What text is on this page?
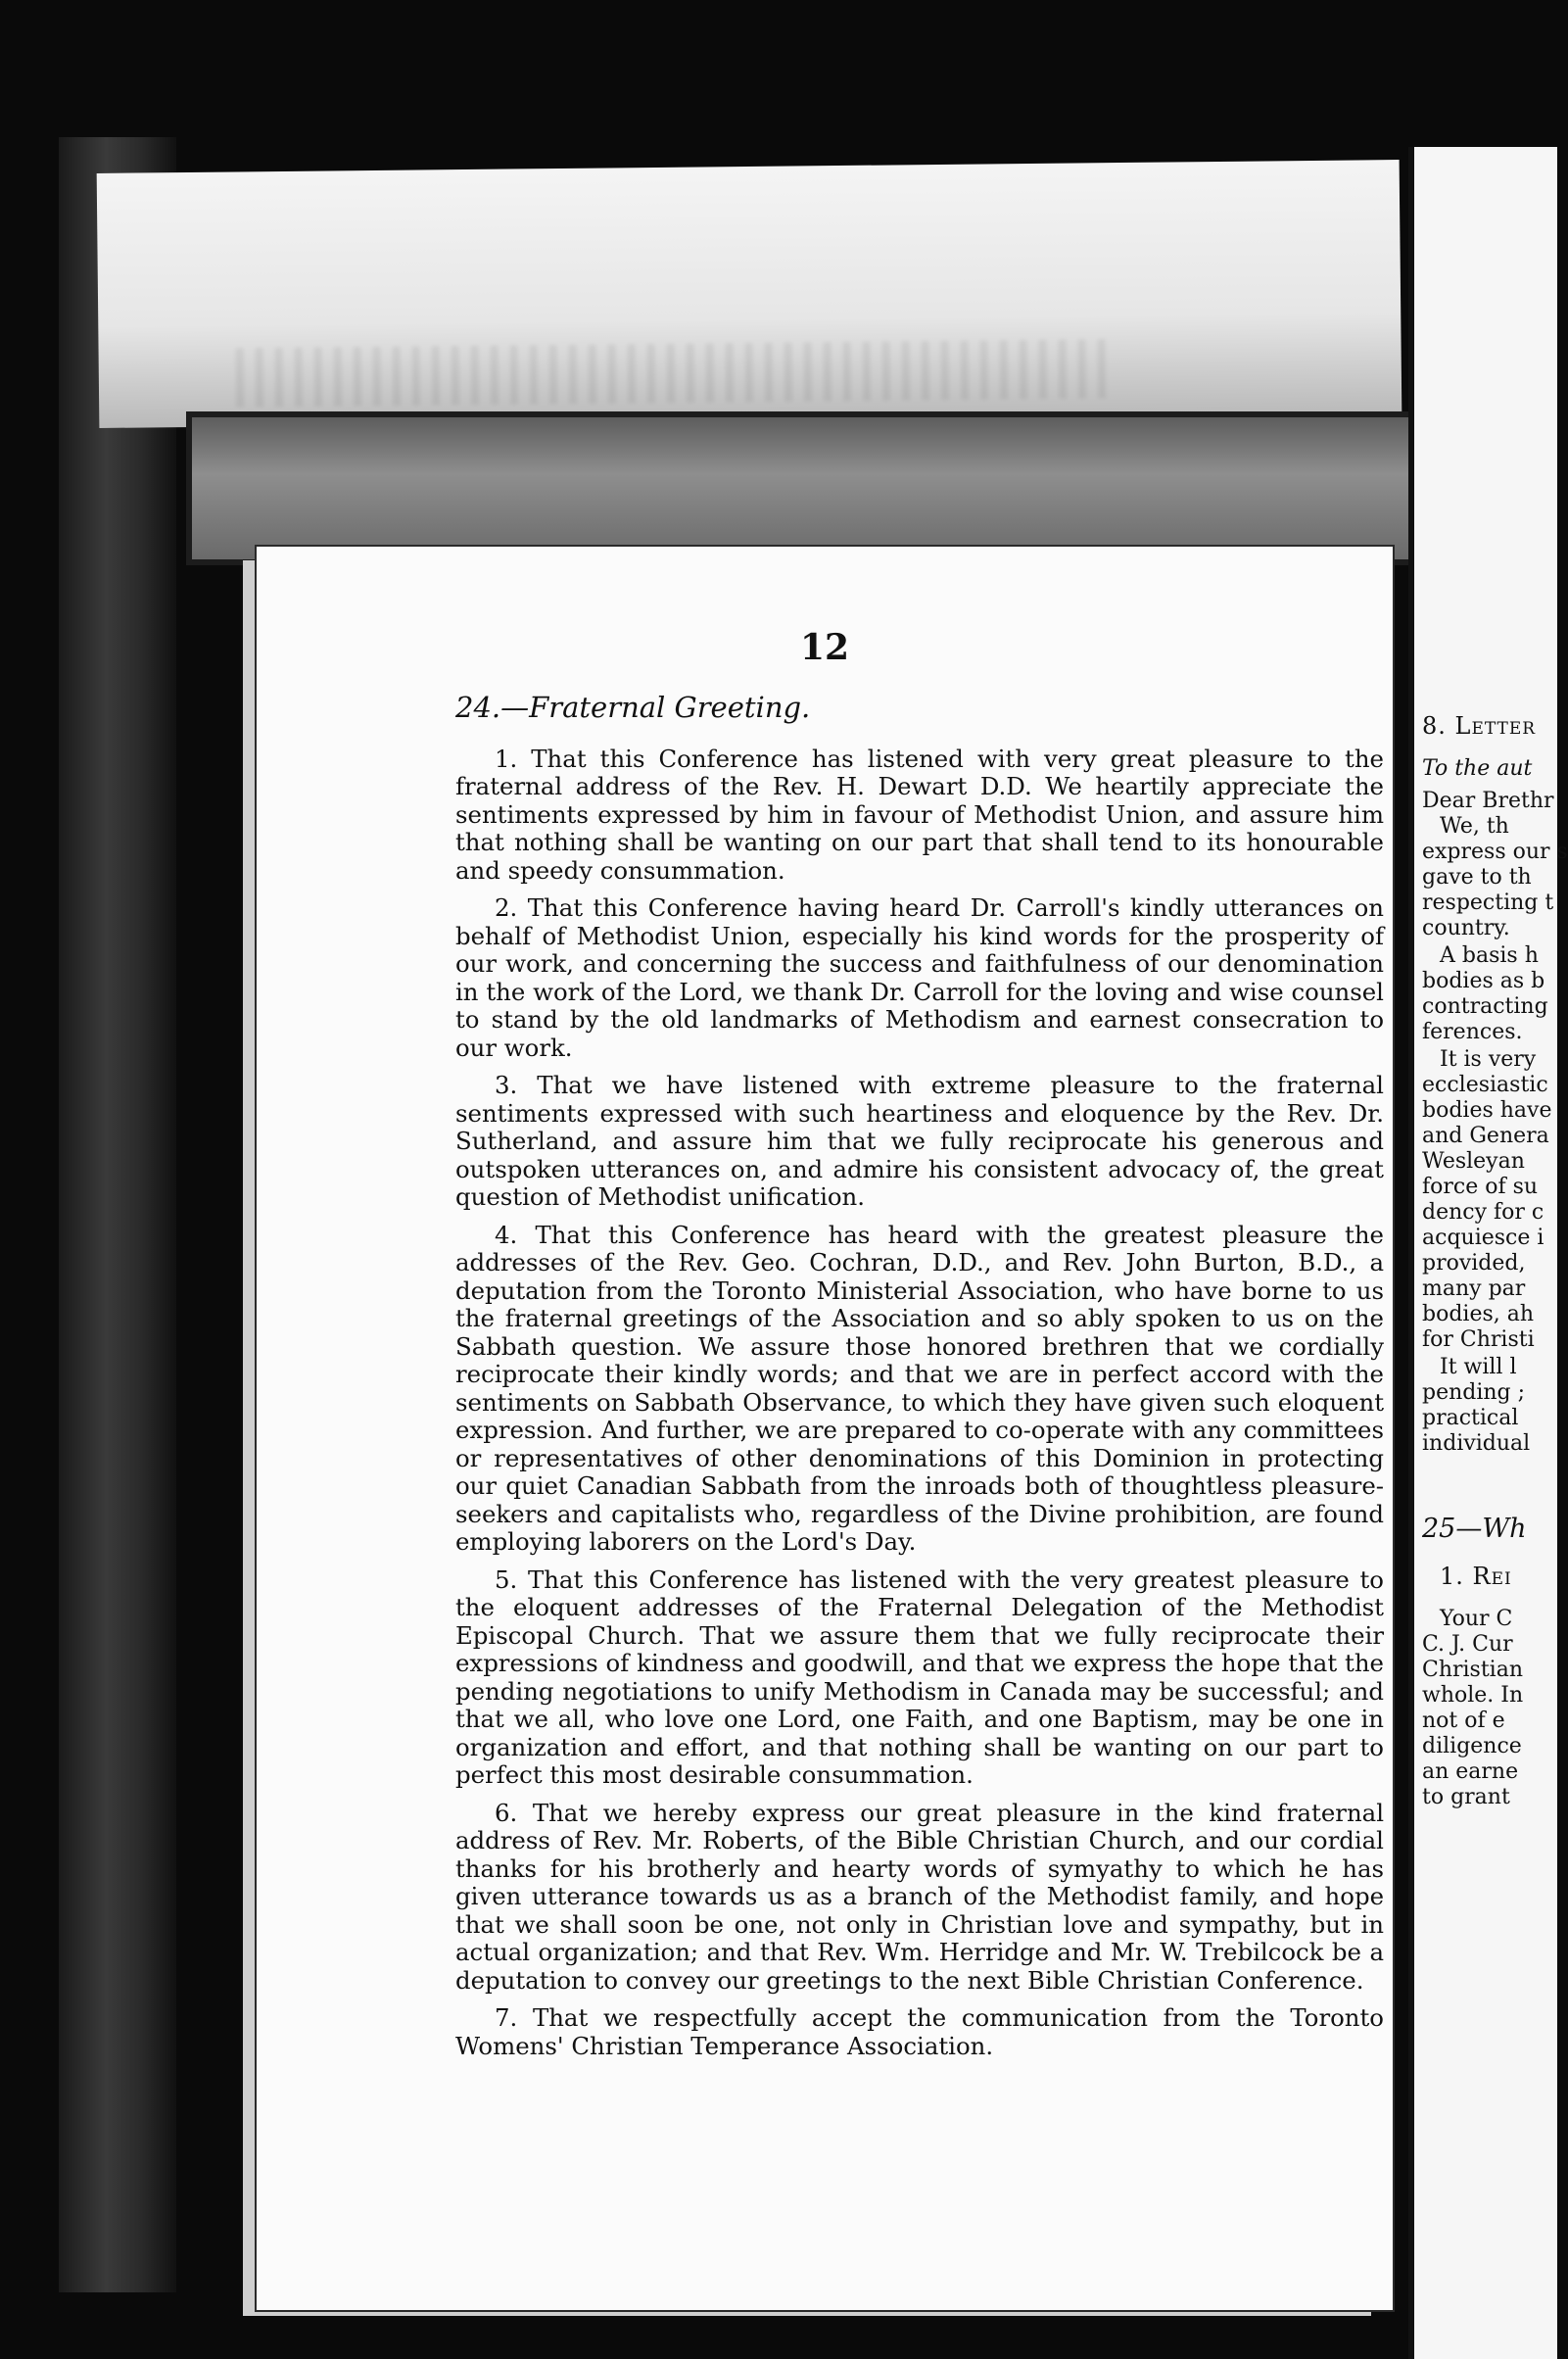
12
24.—Fraternal Greeting.

1. That this Conference has listened with very great pleasure to the fraternal address of the Rev. H. Dewart D.D. We heartily appreciate the sentiments expressed by him in favour of Methodist Union, and assure him that nothing shall be wanting on our part that shall tend to its honourable and speedy consummation.

2. That this Conference having heard Dr. Carroll's kindly utterances on behalf of Methodist Union, especially his kind words for the prosperity of our work, and concerning the success and faithfulness of our denomination in the work of the Lord, we thank Dr. Carroll for the loving and wise counsel to stand by the old landmarks of Methodism and earnest consecration to our work.

3. That we have listened with extreme pleasure to the fraternal sentiments expressed with such heartiness and eloquence by the Rev. Dr. Sutherland, and assure him that we fully reciprocate his generous and outspoken utterances on, and admire his consistent advocacy of, the great question of Methodist unification.

4. That this Conference has heard with the greatest pleasure the addresses of the Rev. Geo. Cochran, D.D., and Rev. John Burton, B.D., a deputation from the Toronto Ministerial Association, who have borne to us the fraternal greetings of the Association and so ably spoken to us on the Sabbath question. We assure those honored brethren that we cordially reciprocate their kindly words; and that we are in perfect accord with the sentiments on Sabbath Observance, to which they have given such eloquent expression. And further, we are prepared to co-operate with any committees or representatives of other denominations of this Dominion in protecting our quiet Canadian Sabbath from the inroads both of thoughtless pleasure-seekers and capitalists who, regardless of the Divine prohibition, are found employing laborers on the Lord's Day.

5. That this Conference has listened with the very greatest pleasure to the eloquent addresses of the Fraternal Delegation of the Methodist Episcopal Church. That we assure them that we fully reciprocate their expressions of kindness and goodwill, and that we express the hope that the pending negotiations to unify Methodism in Canada may be successful; and that we all, who love one Lord, one Faith, and one Baptism, may be one in organization and effort, and that nothing shall be wanting on our part to perfect this most desirable consummation.

6. That we hereby express our great pleasure in the kind fraternal address of Rev. Mr. Roberts, of the Bible Christian Church, and our cordial thanks for his brotherly and hearty words of symyathy to which he has given utterance towards us as a branch of the Methodist family, and hope that we shall soon be one, not only in Christian love and sympathy, but in actual organization; and that Rev. Wm. Herridge and Mr. W. Trebilcock be a deputation to convey our greetings to the next Bible Christian Conference.

7. That we respectfully accept the communication from the Toronto Womens' Christian Temperance Association.

8. Letter
To the aut
Dear Brethr
We, th
express our s
gave to th
respecting t
country.
A basis h
bodies as b
contracting
ferences.
It is very
ecclesiastic
bodies have
and Genera
Wesleyan
force of su
dency for c
acquiesce i
provided,
many par
bodies, ah
for Christi
It will l
pending ;
practical
individual
25—Wh
1. Rei
Your C
C. J. Cur
Christian
whole. In
not of e
diligence
an earne
to grant
